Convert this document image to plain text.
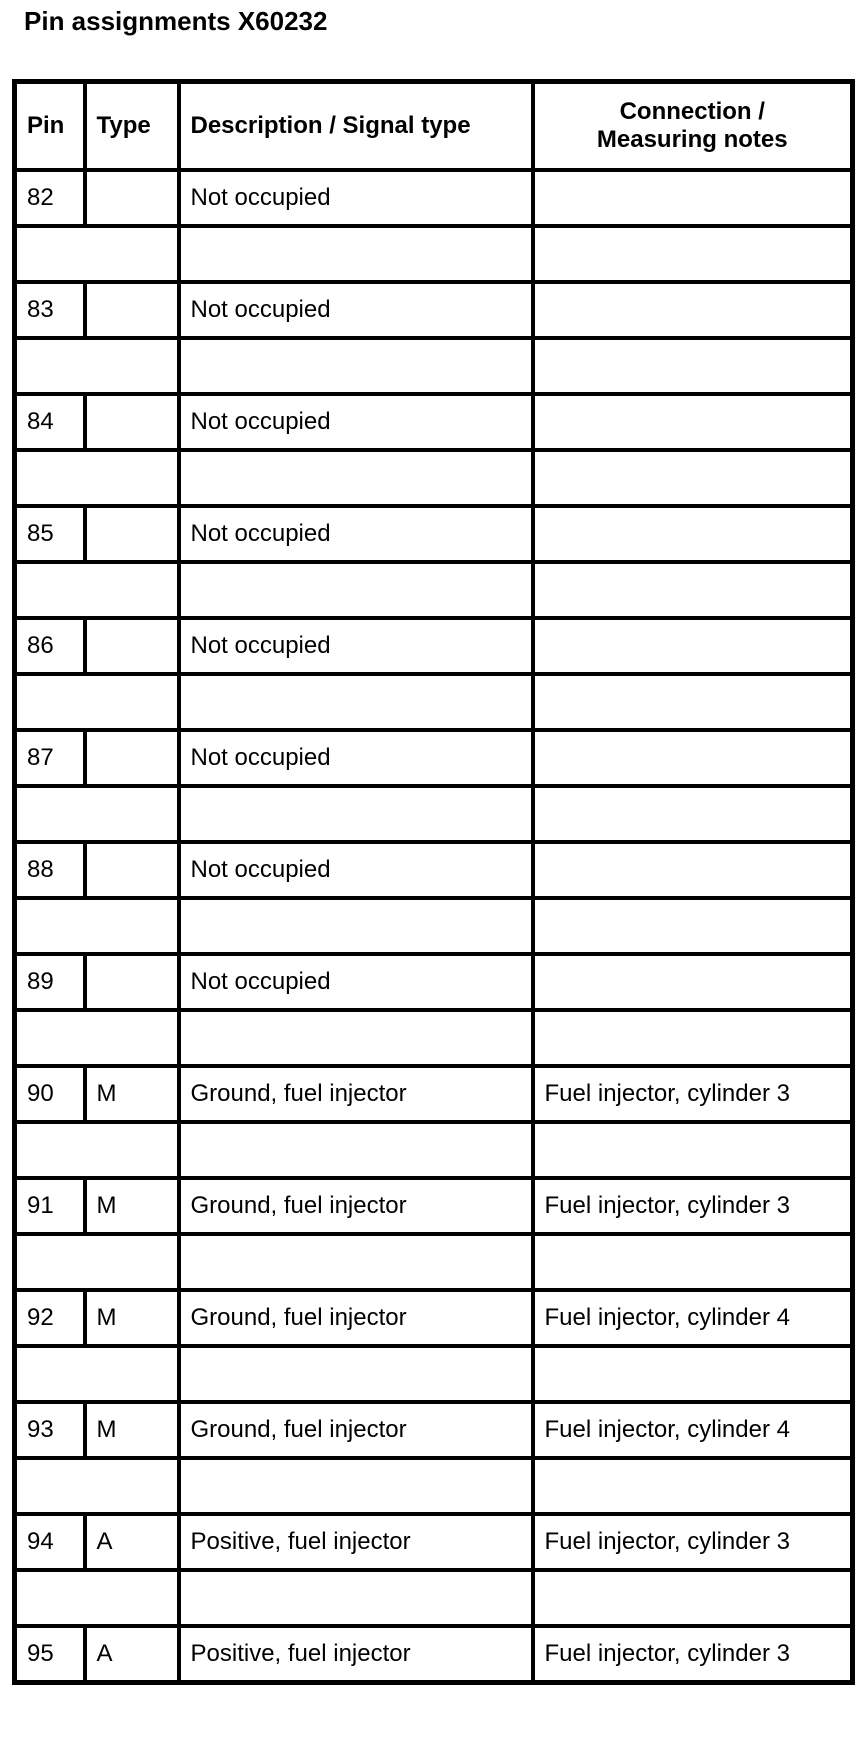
Pin assignments X60232
Pin	Type	Description / Signal type	Connection /
Measuring notes
82		Not occupied	

83		Not occupied	

84		Not occupied	

85		Not occupied	

86		Not occupied	

87		Not occupied	

88		Not occupied	

89		Not occupied	

90	M	Ground, fuel injector	Fuel injector, cylinder 3

91	M	Ground, fuel injector	Fuel injector, cylinder 3

92	M	Ground, fuel injector	Fuel injector, cylinder 4

93	M	Ground, fuel injector	Fuel injector, cylinder 4

94	A	Positive, fuel injector	Fuel injector, cylinder 3

95	A	Positive, fuel injector	Fuel injector, cylinder 3
